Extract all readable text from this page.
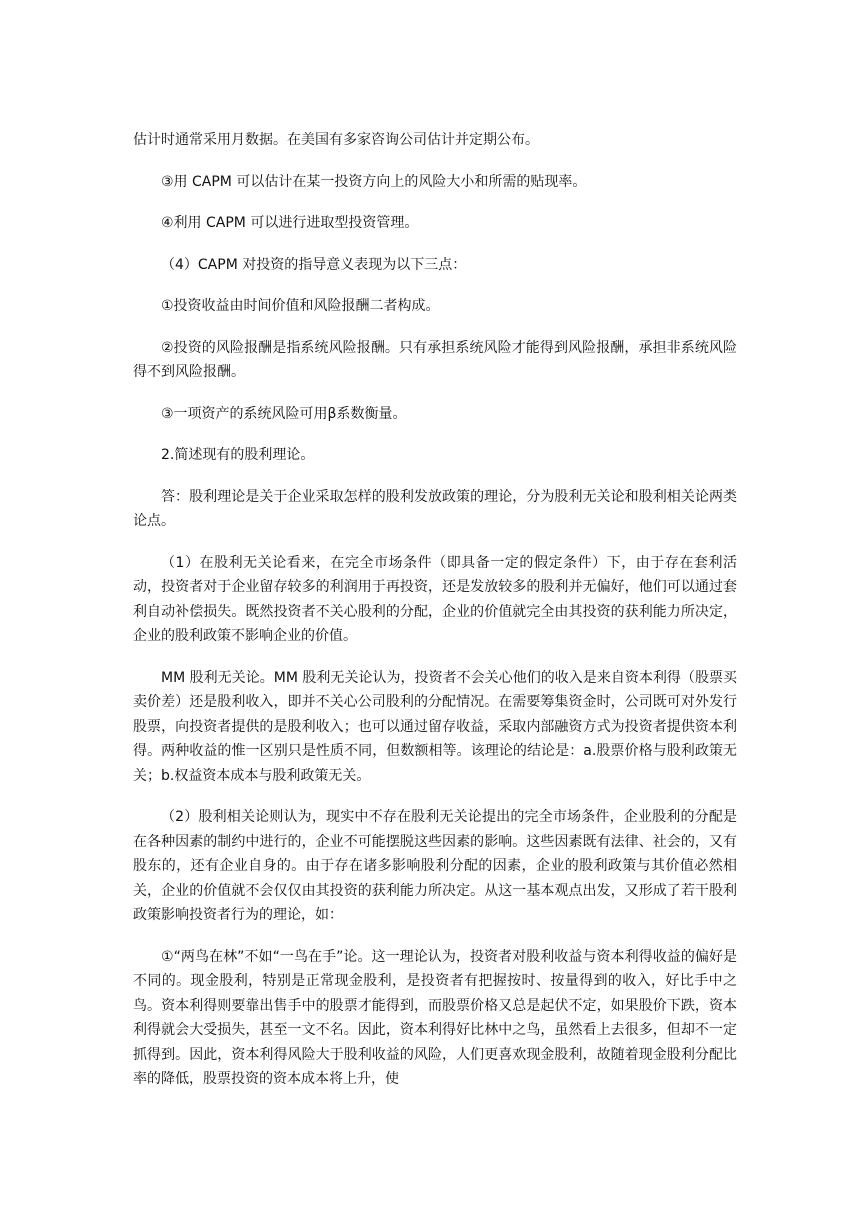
估计时通常采用月数据。在美国有多家咨询公司估计并定期公布。

③用 CAPM 可以估计在某一投资方向上的风险大小和所需的贴现率。

④利用 CAPM 可以进行进取型投资管理。

（4）CAPM 对投资的指导意义表现为以下三点：

①投资收益由时间价值和风险报酬二者构成。

②投资的风险报酬是指系统风险报酬。只有承担系统风险才能得到风险报酬，承担非系统风险得不到风险报酬。

③一项资产的系统风险可用β系数衡量。

2.简述现有的股利理论。

答：股利理论是关于企业采取怎样的股利发放政策的理论，分为股利无关论和股利相关论两类论点。

（1）在股利无关论看来，在完全市场条件（即具备一定的假定条件）下，由于存在套利活动，投资者对于企业留存较多的利润用于再投资，还是发放较多的股利并无偏好，他们可以通过套利自动补偿损失。既然投资者不关心股利的分配，企业的价值就完全由其投资的获利能力所决定，企业的股利政策不影响企业的价值。

MM 股利无关论。MM 股利无关论认为，投资者不会关心他们的收入是来自资本利得（股票买卖价差）还是股利收入，即并不关心公司股利的分配情况。在需要筹集资金时，公司既可对外发行股票，向投资者提供的是股利收入；也可以通过留存收益，采取内部融资方式为投资者提供资本利得。两种收益的惟一区别只是性质不同，但数额相等。该理论的结论是：a.股票价格与股利政策无关；b.权益资本成本与股利政策无关。

（2）股利相关论则认为，现实中不存在股利无关论提出的完全市场条件，企业股利的分配是在各种因素的制约中进行的，企业不可能摆脱这些因素的影响。这些因素既有法律、社会的，又有股东的，还有企业自身的。由于存在诸多影响股利分配的因素，企业的股利政策与其价值必然相关，企业的价值就不会仅仅由其投资的获利能力所决定。从这一基本观点出发，又形成了若干股利政策影响投资者行为的理论，如：

①“两鸟在林”不如“一鸟在手”论。这一理论认为，投资者对股利收益与资本利得收益的偏好是不同的。现金股利，特别是正常现金股利，是投资者有把握按时、按量得到的收入，好比手中之鸟。资本利得则要靠出售手中的股票才能得到，而股票价格又总是起伏不定，如果股价下跌，资本利得就会大受损失，甚至一文不名。因此，资本利得好比林中之鸟，虽然看上去很多，但却不一定抓得到。因此，资本利得风险大于股利收益的风险，人们更喜欢现金股利，故随着现金股利分配比率的降低，股票投资的资本成本将上升，使
